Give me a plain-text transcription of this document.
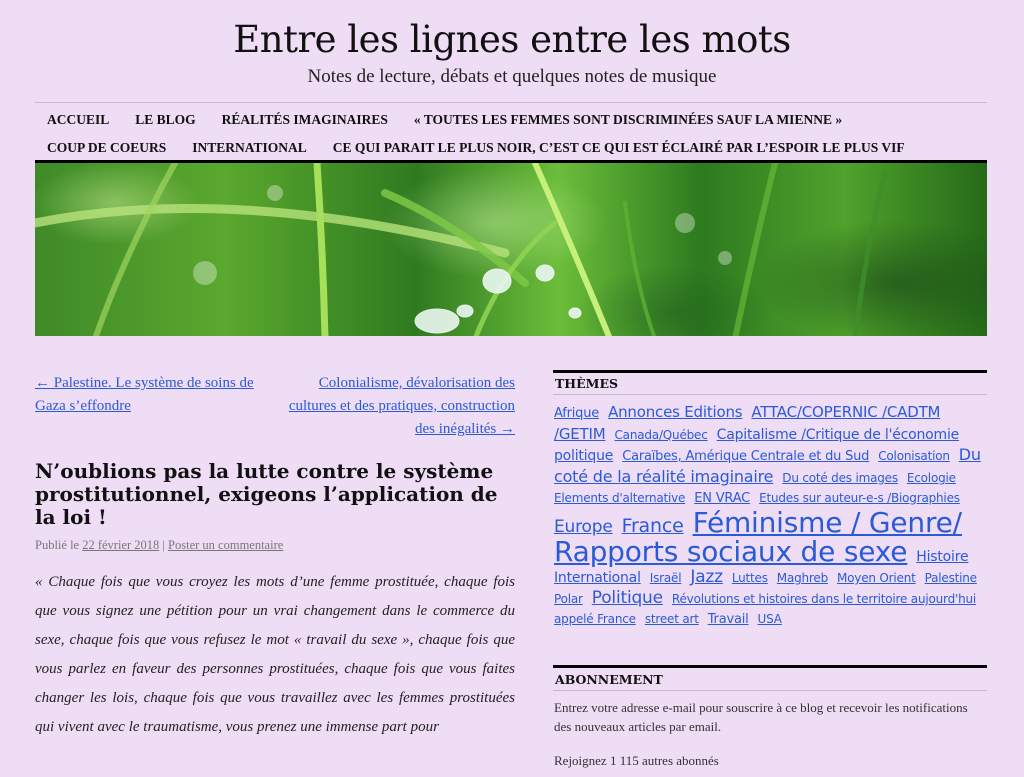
Entre les lignes entre les mots
Notes de lecture, débats et quelques notes de musique
ACCUEIL LE BLOG RÉALITÉS IMAGINAIRES « TOUTES LES FEMMES SONT DISCRIMINÉES SAUF LA MIENNE »
COUP DE COEURS INTERNATIONAL CE QUI PARAIT LE PLUS NOIR, C’EST CE QUI EST ÉCLAIRÉ PAR L’ESPOIR LE PLUS VIF
← Palestine. Le système de soins de Gaza s’effondre
Colonialisme, dévalorisation des cultures et des pratiques, construction des inégalités →
N’oublions pas la lutte contre le système prostitutionnel, exigeons l’application de la loi !
Publié le 22 février 2018 | Poster un commentaire
« Chaque fois que vous croyez les mots d’une femme prostituée, chaque fois que vous signez une pétition pour un vrai changement dans le commerce du sexe, chaque fois que vous refusez le mot « travail du sexe », chaque fois que vous parlez en faveur des personnes prostituées, chaque fois que vous faites changer les lois, chaque fois que vous travaillez avec les femmes prostituées qui vivent avec le traumatisme, vous prenez une immense part pour
THÈMES
Afrique Annonces Editions ATTAC/COPERNIC /CADTM /GETIM Canada/Québec Capitalisme /Critique de l'économie politique Caraïbes, Amérique Centrale et du Sud Colonisation Du coté de la réalité imaginaire Du coté des images Ecologie Elements d'alternative EN VRAC Etudes sur auteur-e-s /Biographies Europe France Féminisme / Genre/ Rapports sociaux de sexe Histoire International Israël Jazz Luttes Maghreb Moyen Orient Palestine Polar Politique Révolutions et histoires dans le territoire aujourd'hui appelé France street art Travail USA
ABONNEMENT
Entrez votre adresse e-mail pour souscrire à ce blog et recevoir les notifications des nouveaux articles par email.
Rejoignez 1 115 autres abonnés
